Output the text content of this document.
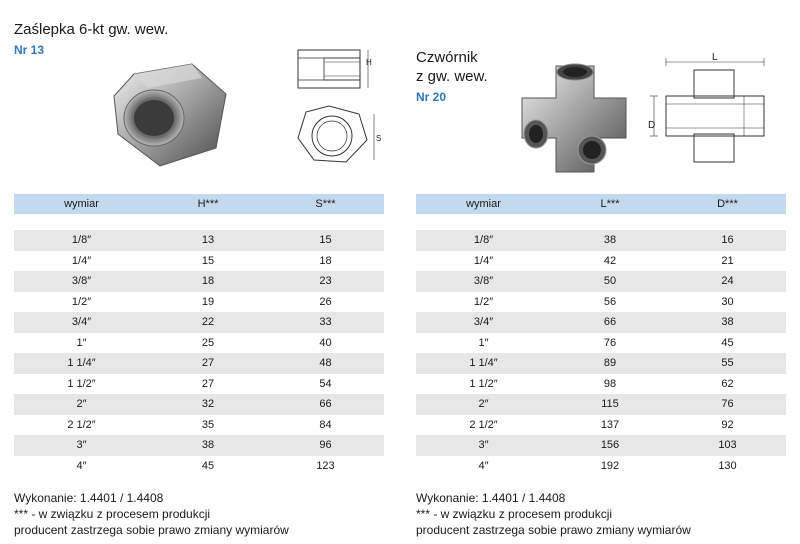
Zaślepka 6-kt gw. wew.
Nr 13
H
S
wymiar	H***	S***

1/8″	13	15
1/4″	15	18
3/8″	18	23
1/2″	19	26
3/4″	22	33
1″	25	40
1 1/4″	27	48
1 1/2″	27	54
2″	32	66
2 1/2″	35	84
3″	38	96
4″	45	123
Wykonanie: 1.4401 / 1.4408
*** - w związku z procesem produkcji
producent zastrzega sobie prawo zmiany wymiarów
Czwórnik
z gw. wew.
Nr 20
L
D
wymiar	L***	D***

1/8″	38	16
1/4″	42	21
3/8″	50	24
1/2″	56	30
3/4″	66	38
1″	76	45
1 1/4″	89	55
1 1/2″	98	62
2″	115	76
2 1/2″	137	92
3″	156	103
4″	192	130
Wykonanie: 1.4401 / 1.4408
*** - w związku z procesem produkcji
producent zastrzega sobie prawo zmiany wymiarów
